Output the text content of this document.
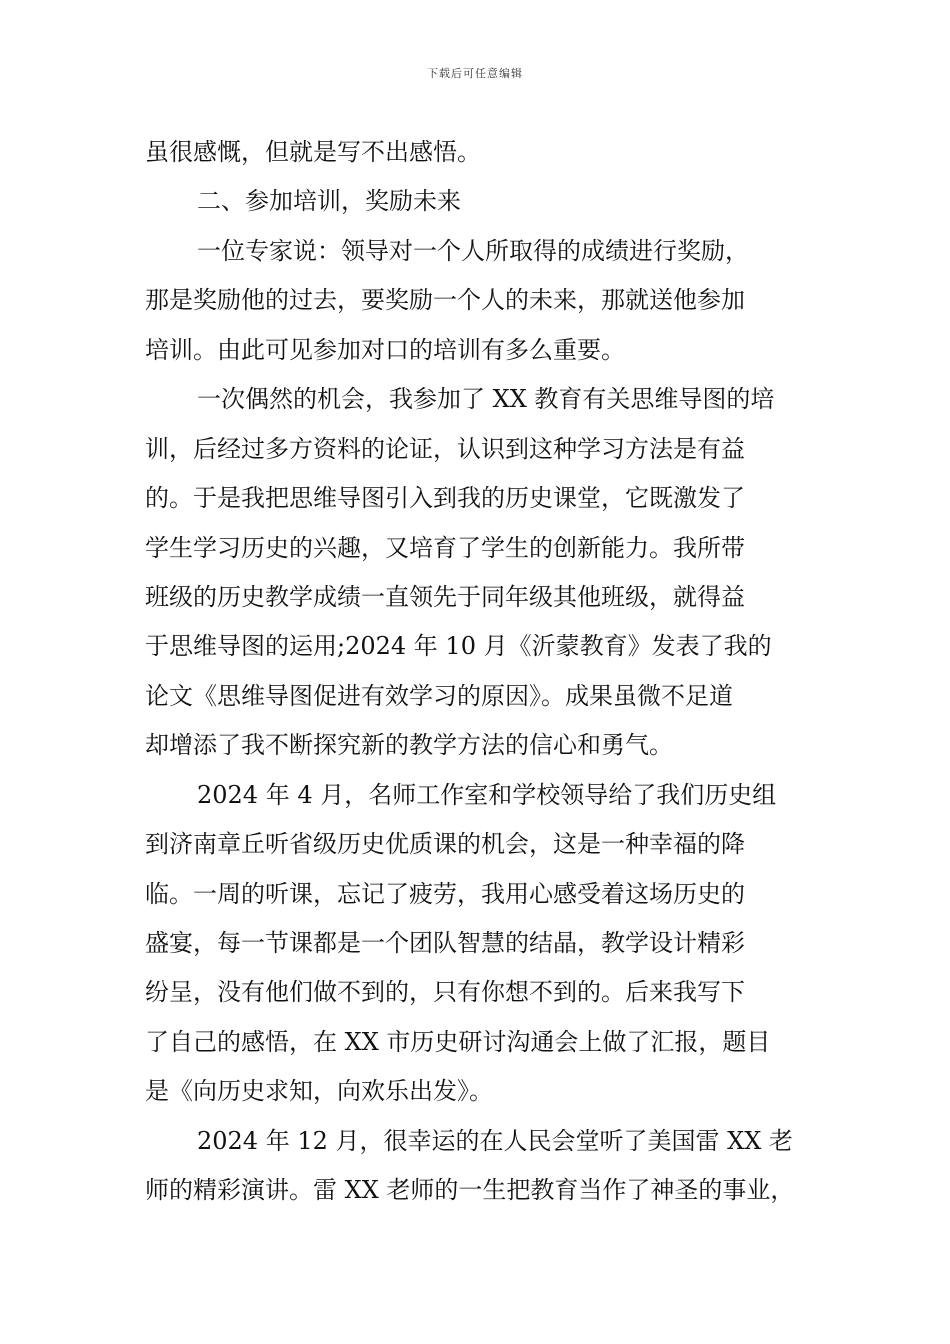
下载后可任意编辑
虽很感慨，但就是写不出感悟。
二、参加培训，奖励未来
一位专家说：领导对一个人所取得的成绩进行奖励，
那是奖励他的过去，要奖励一个人的未来，那就送他参加
培训。由此可见参加对口的培训有多么重要。
一次偶然的机会，我参加了 XX 教育有关思维导图的培
训，后经过多方资料的论证，认识到这种学习方法是有益
的。于是我把思维导图引入到我的历史课堂，它既激发了
学生学习历史的兴趣，又培育了学生的创新能力。我所带
班级的历史教学成绩一直领先于同年级其他班级，就得益
于思维导图的运用;2024 年 10 月《沂蒙教育》发表了我的
论文《思维导图促进有效学习的原因》。成果虽微不足道
却增添了我不断探究新的教学方法的信心和勇气。
2024 年 4 月，名师工作室和学校领导给了我们历史组
到济南章丘听省级历史优质课的机会，这是一种幸福的降
临。一周的听课，忘记了疲劳，我用心感受着这场历史的
盛宴，每一节课都是一个团队智慧的结晶，教学设计精彩
纷呈，没有他们做不到的，只有你想不到的。后来我写下
了自己的感悟，在 XX 市历史研讨沟通会上做了汇报，题目
是《向历史求知，向欢乐出发》。
2024 年 12 月，很幸运的在人民会堂听了美国雷 XX 老
师的精彩演讲。雷 XX 老师的一生把教育当作了神圣的事业，
